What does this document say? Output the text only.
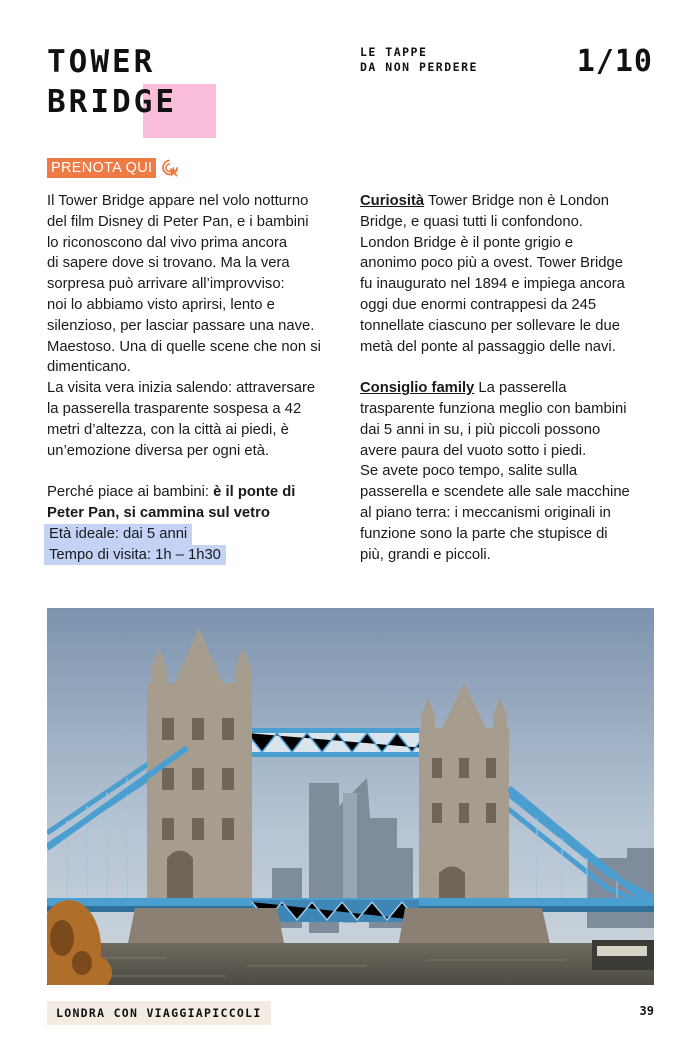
TOWER
BRIDGE
LE TAPPE
DA NON PERDERE	1/10
PRENOTA QUI

Il Tower Bridge appare nel volo notturno

del film Disney di Peter Pan, e i bambini

lo riconoscono dal vivo prima ancora

di sapere dove si trovano. Ma la vera

sorpresa può arrivare all’improvviso:

noi lo abbiamo visto aprirsi, lento e

silenzioso, per lasciar passare una nave.

Maestoso. Una di quelle scene che non si

dimenticano.

La visita vera inizia salendo: attraversare

la passerella trasparente sospesa a 42

metri d’altezza, con la città ai piedi, è

un’emozione diversa per ogni età.

Perché piace ai bambini: è il ponte di

Peter Pan, si cammina sul vetro

Età ideale: dai 5 anni

Tempo di visita: 1h – 1h30

Curiosità Tower Bridge non è London

Bridge, e quasi tutti li confondono.

London Bridge è il ponte grigio e

anonimo poco più a ovest. Tower Bridge

fu inaugurato nel 1894 e impiega ancora

oggi due enormi contrappesi da 245

tonnellate ciascuno per sollevare le due

metà del ponte al passaggio delle navi.

Consiglio family La passerella

trasparente funziona meglio con bambini

dai 5 anni in su, i più piccoli possono

avere paura del vuoto sotto i piedi.

Se avete poco tempo, salite sulla

passerella e scendete alle sale macchine

al piano terra: i meccanismi originali in

funzione sono la parte che stupisce di

più, grandi e piccoli.

LONDRA CON VIAGGIAPICCOLI	39
